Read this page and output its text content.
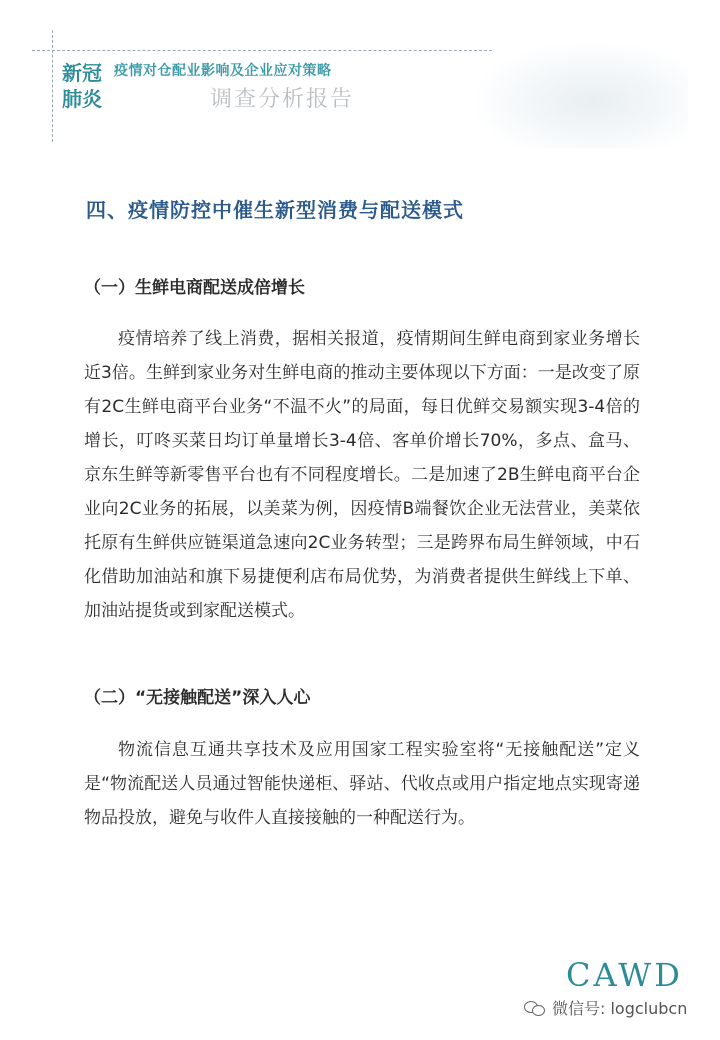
新冠
肺炎
疫情对仓配业影响及企业应对策略
调查分析报告
四、疫情防控中催生新型消费与配送模式
（一）生鲜电商配送成倍增长

疫情培养了线上消费，据相关报道，疫情期间生鲜电商到家业务增长近3倍。生鲜到家业务对生鲜电商的推动主要体现以下方面：一是改变了原有2C生鲜电商平台业务“不温不火”的局面，每日优鲜交易额实现3-4倍的增长，叮咚买菜日均订单量增长3-4倍、客单价增长70%，多点、盒马、京东生鲜等新零售平台也有不同程度增长。二是加速了2B生鲜电商平台企业向2C业务的拓展，以美菜为例，因疫情B端餐饮企业无法营业，美菜依托原有生鲜供应链渠道急速向2C业务转型；三是跨界布局生鲜领域，中石化借助加油站和旗下易捷便利店布局优势，为消费者提供生鲜线上下单、加油站提货或到家配送模式。

（二）“无接触配送”深入人心

物流信息互通共享技术及应用国家工程实验室将“无接触配送”定义是“物流配送人员通过智能快递柜、驿站、代收点或用户指定地点实现寄递物品投放，避免与收件人直接接触的一种配送行为。

CAWD
微信号: logclubcn
